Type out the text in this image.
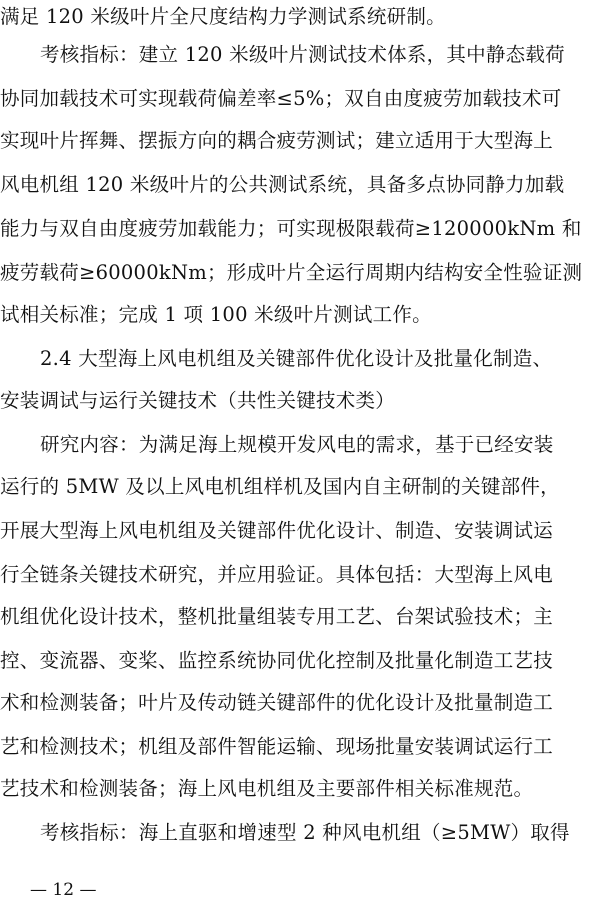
满足 120 米级叶片全尺度结构力学测试系统研制。
考核指标：建立 120 米级叶片测试技术体系，其中静态载荷
协同加载技术可实现载荷偏差率≤5%；双自由度疲劳加载技术可
实现叶片挥舞、摆振方向的耦合疲劳测试；建立适用于大型海上
风电机组 120 米级叶片的公共测试系统，具备多点协同静力加载
能力与双自由度疲劳加载能力；可实现极限载荷≥120000kNm 和
疲劳载荷≥60000kNm；形成叶片全运行周期内结构安全性验证测
试相关标准；完成 1 项 100 米级叶片测试工作。
2.4 大型海上风电机组及关键部件优化设计及批量化制造、
安装调试与运行关键技术（共性关键技术类）
研究内容：为满足海上规模开发风电的需求，基于已经安装
运行的 5MW 及以上风电机组样机及国内自主研制的关键部件，
开展大型海上风电机组及关键部件优化设计、制造、安装调试运
行全链条关键技术研究，并应用验证。具体包括：大型海上风电
机组优化设计技术，整机批量组装专用工艺、台架试验技术；主
控、变流器、变桨、监控系统协同优化控制及批量化制造工艺技
术和检测装备；叶片及传动链关键部件的优化设计及批量制造工
艺和检测技术；机组及部件智能运输、现场批量安装调试运行工
艺技术和检测装备；海上风电机组及主要部件相关标准规范。
考核指标：海上直驱和增速型 2 种风电机组（≥5MW）取得
— 12 —
